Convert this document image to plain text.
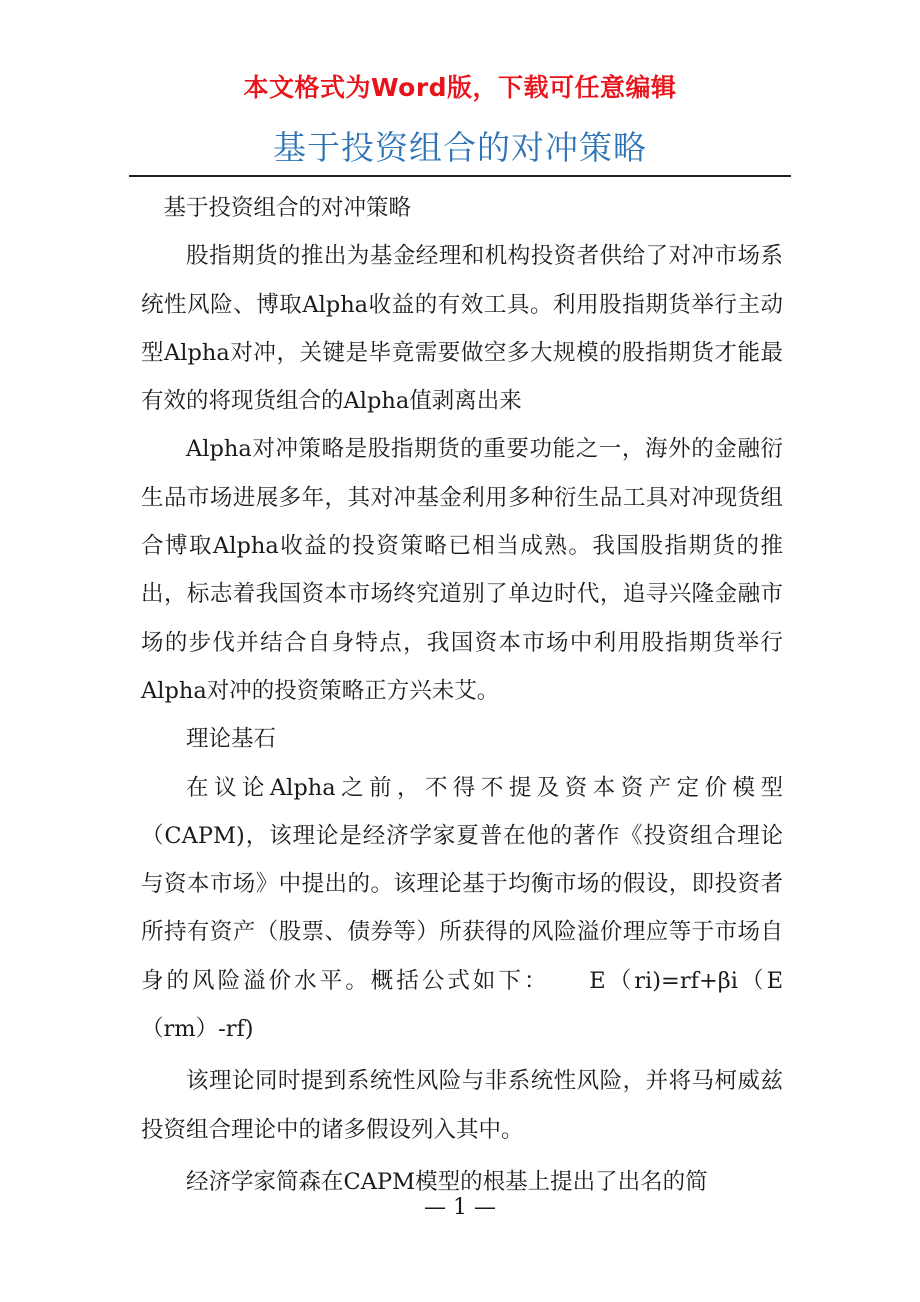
本文格式为Word版，下载可任意编辑
基于投资组合的对冲策略

基于投资组合的对冲策略

股指期货的推出为基金经理和机构投资者供给了对冲市场系统性风险、博取Alpha收益的有效工具。利用股指期货举行主动型Alpha对冲，关键是毕竟需要做空多大规模的股指期货才能最有效的将现货组合的Alpha值剥离出来

Alpha对冲策略是股指期货的重要功能之一，海外的金融衍生品市场进展多年，其对冲基金利用多种衍生品工具对冲现货组合博取Alpha收益的投资策略已相当成熟。我国股指期货的推出，标志着我国资本市场终究道别了单边时代，追寻兴隆金融市场的步伐并结合自身特点，我国资本市场中利用股指期货举行Alpha对冲的投资策略正方兴未艾。

理论基石

在议论Alpha之前，不得不提及资本资产定价模型（CAPM)，该理论是经济学家夏普在他的著作《投资组合理论与资本市场》中提出的。该理论基于均衡市场的假设，即投资者所持有资产（股票、债券等）所获得的风险溢价理应等于市场自身的风险溢价水平。概括公式如下：　　E（ri)=rf+βi（E（rm）-rf)

该理论同时提到系统性风险与非系统性风险，并将马柯威兹投资组合理论中的诸多假设列入其中。

经济学家简森在CAPM模型的根基上提出了出名的简

— 1 —
